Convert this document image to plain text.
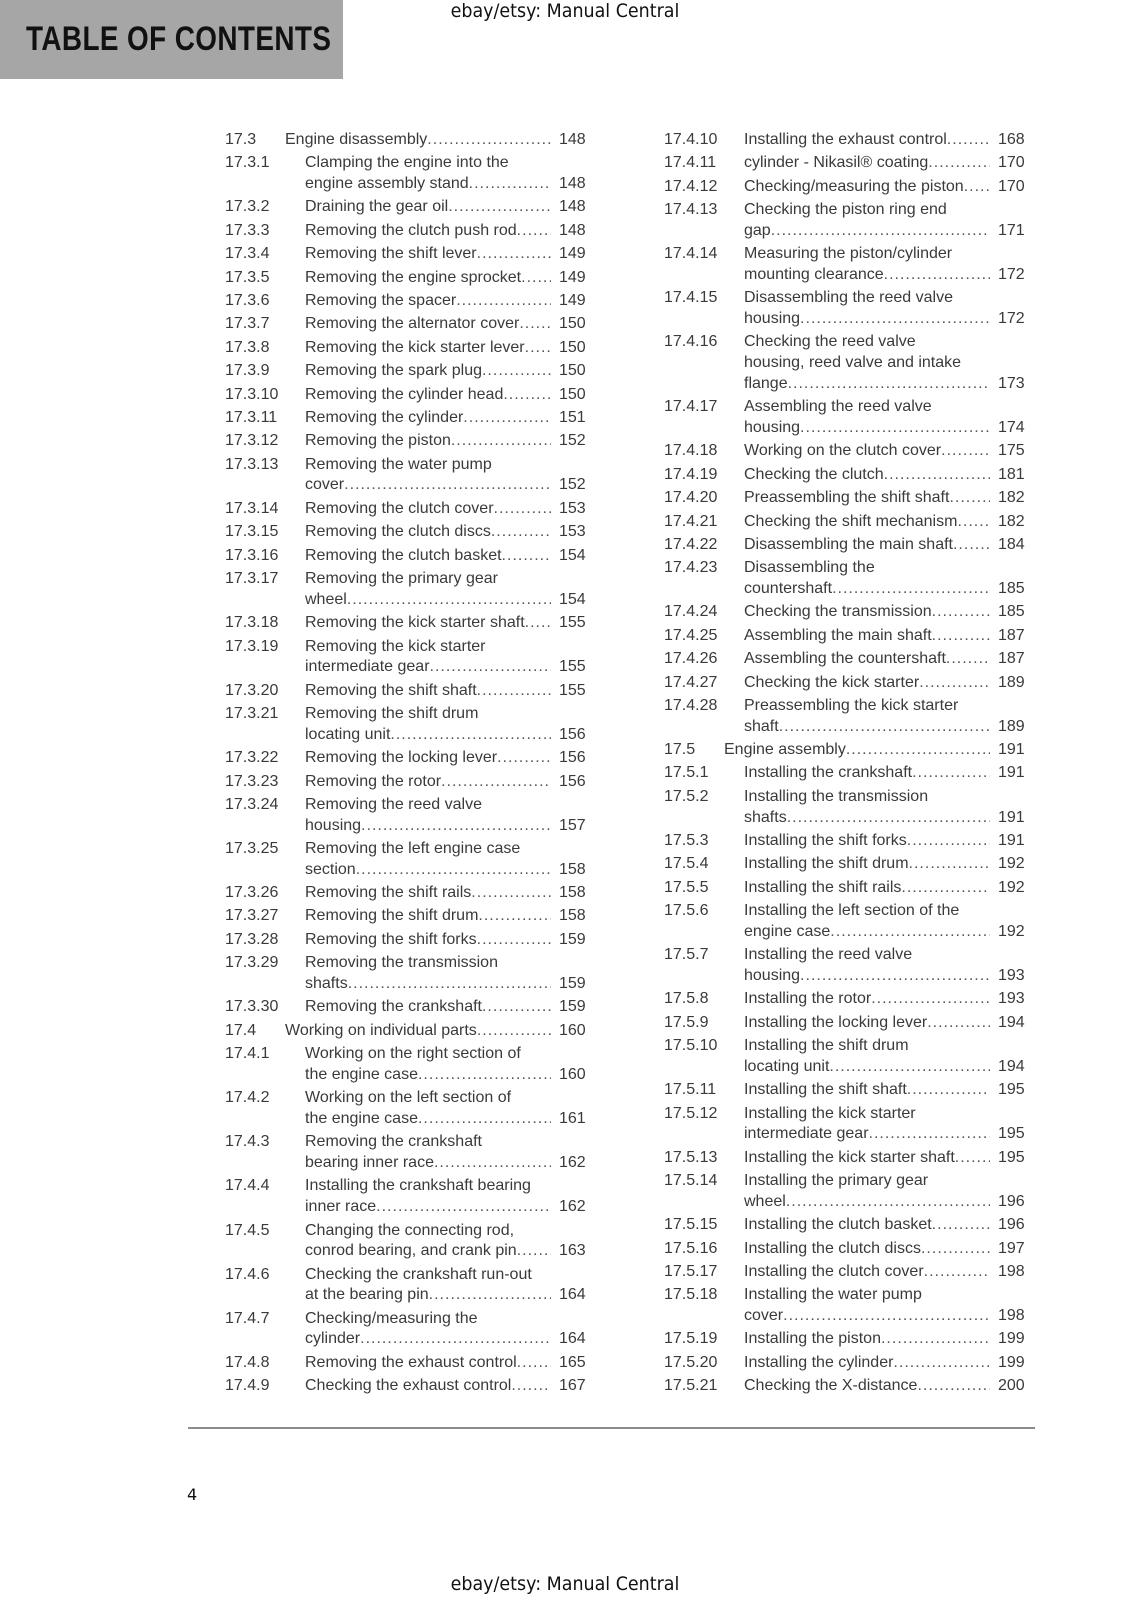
TABLE OF CONTENTS
ebay/etsy: Manual Central
17.3 Engine disassembly .....	148
17.3.1 Clamping the engine into the
engine assembly stand .....	148
17.3.2 Draining the gear oil .....	148
17.3.3 Removing the clutch push rod .....	148
17.3.4 Removing the shift lever .....	149
17.3.5 Removing the engine sprocket ..... 149
17.3.6 Removing the spacer .....	149
17.3.7 Removing the alternator cover ..... 150
17.3.8 Removing the kick starter lever ..... 150
17.3.9 Removing the spark plug .....	150
17.3.10 Removing the cylinder head .....	150
17.3.11 Removing the cylinder .....	151
17.3.12 Removing the piston .....	152
17.3.13 Removing the water pump
cover .....	152
17.3.14 Removing the clutch cover .....	153
17.3.15 Removing the clutch discs .....	153
17.3.16 Removing the clutch basket .....	154
17.3.17 Removing the primary gear
wheel .....	154
17.3.18 Removing the kick starter shaft ..... 155
17.3.19 Removing the kick starter
intermediate gear .....	155
17.3.20 Removing the shift shaft .....	155
17.3.21 Removing the shift drum
locating unit .....	156
17.3.22 Removing the locking lever .....	156
17.3.23 Removing the rotor .....	156
17.3.24 Removing the reed valve
housing .....	157
17.3.25 Removing the left engine case
section .....	158
17.3.26 Removing the shift rails .....	158
17.3.27 Removing the shift drum .....	158
17.3.28 Removing the shift forks .....	159
17.3.29 Removing the transmission
shafts .....	159
17.3.30 Removing the crankshaft .....	159
17.4 Working on individual parts .....	160
17.4.1 Working on the right section of
the engine case .....	160
17.4.2 Working on the left section of
the engine case .....	161
17.4.3 Removing the crankshaft
bearing inner race .....	162
17.4.4 Installing the crankshaft bearing
inner race .....	162
17.4.5 Changing the connecting rod,
conrod bearing, and crank pin .....	163
17.4.6 Checking the crankshaft run-out
at the bearing pin .....	164
17.4.7 Checking/measuring the
cylinder .....	164
17.4.8 Removing the exhaust control .....	165
17.4.9 Checking the exhaust control .....	167
17.4.10 Installing the exhaust control .....	168
17.4.11 cylinder - Nikasil® coating .....	170
17.4.12 Checking/measuring the piston ..... 170
17.4.13 Checking the piston ring end
gap .....	171
17.4.14 Measuring the piston/cylinder
mounting clearance .....	172
17.4.15 Disassembling the reed valve
housing .....	172
17.4.16 Checking the reed valve
housing, reed valve and intake
flange .....	173
17.4.17 Assembling the reed valve
housing .....	174
17.4.18 Working on the clutch cover .....	175
17.4.19 Checking the clutch .....	181
17.4.20 Preassembling the shift shaft .....	182
17.4.21 Checking the shift mechanism .....	182
17.4.22 Disassembling the main shaft .....	184
17.4.23 Disassembling the
countershaft .....	185
17.4.24 Checking the transmission .....	185
17.4.25 Assembling the main shaft .....	187
17.4.26 Assembling the countershaft .....	187
17.4.27 Checking the kick starter .....	189
17.4.28 Preassembling the kick starter
shaft .....	189
17.5 Engine assembly .....	191
17.5.1 Installing the crankshaft .....	191
17.5.2 Installing the transmission
shafts .....	191
17.5.3 Installing the shift forks .....	191
17.5.4 Installing the shift drum .....	192
17.5.5 Installing the shift rails .....	192
17.5.6 Installing the left section of the
engine case .....	192
17.5.7 Installing the reed valve
housing .....	193
17.5.8 Installing the rotor .....	193
17.5.9 Installing the locking lever .....	194
17.5.10 Installing the shift drum
locating unit .....	194
17.5.11 Installing the shift shaft .....	195
17.5.12 Installing the kick starter
intermediate gear .....	195
17.5.13 Installing the kick starter shaft .....	195
17.5.14 Installing the primary gear
wheel .....	196
17.5.15 Installing the clutch basket .....	196
17.5.16 Installing the clutch discs .....	197
17.5.17 Installing the clutch cover .....	198
17.5.18 Installing the water pump
cover .....	198
17.5.19 Installing the piston .....	199
17.5.20 Installing the cylinder .....	199
17.5.21 Checking the X-distance .....	200
4
ebay/etsy: Manual Central
